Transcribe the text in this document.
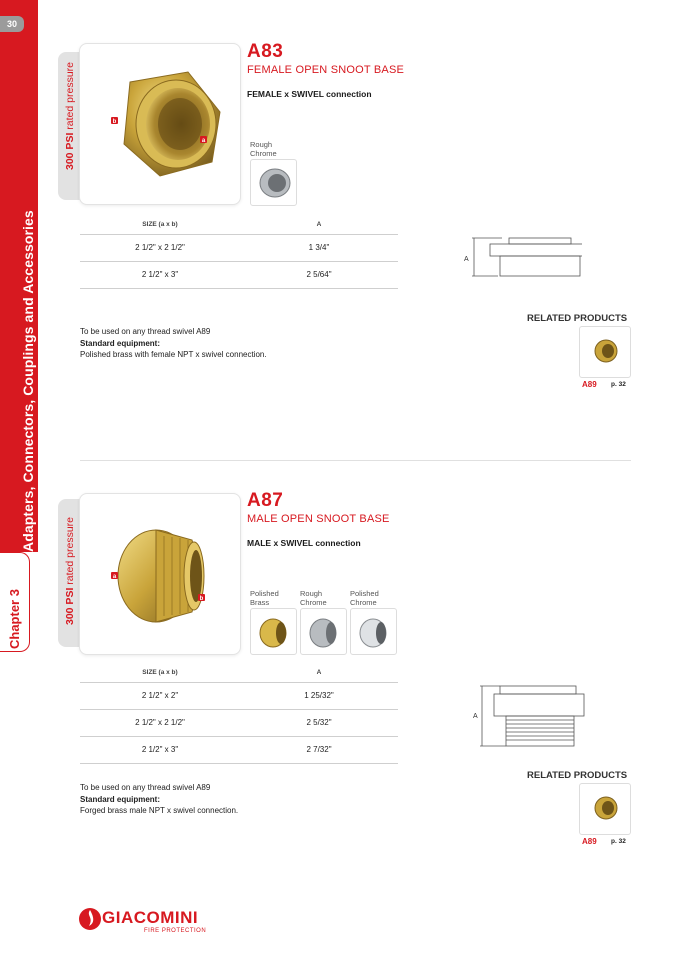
30
Adapters, Connectors, Couplings and Accessories
Chapter 3
300 PSI rated pressure	b
a
A83
FEMALE OPEN SNOOT BASE
FEMALE x SWIVEL connection
Rough
Chrome
SIZE (a x b)	A
2 1/2" x 2 1/2"	1 3/4"
2 1/2" x 3"	2 5/64"
A
To be used on any thread swivel A89
Standard equipment:
Polished brass with female NPT x swivel connection.
RELATED PRODUCTS
A89 p. 32
300 PSI rated pressure	a
b
A87
MALE OPEN SNOOT BASE
MALE x SWIVEL connection
Polished
Brass
Rough
Chrome
Polished
Chrome
SIZE (a x b)	A
2 1/2" x 2"	1 25/32"
2 1/2" x 2 1/2"	2 5/32"
2 1/2" x 3"	2 7/32"
A
To be used on any thread swivel A89
Standard equipment:
Forged brass male NPT x swivel connection.
RELATED PRODUCTS
A89 p. 32
GIACOMINI
FIRE PROTECTION
